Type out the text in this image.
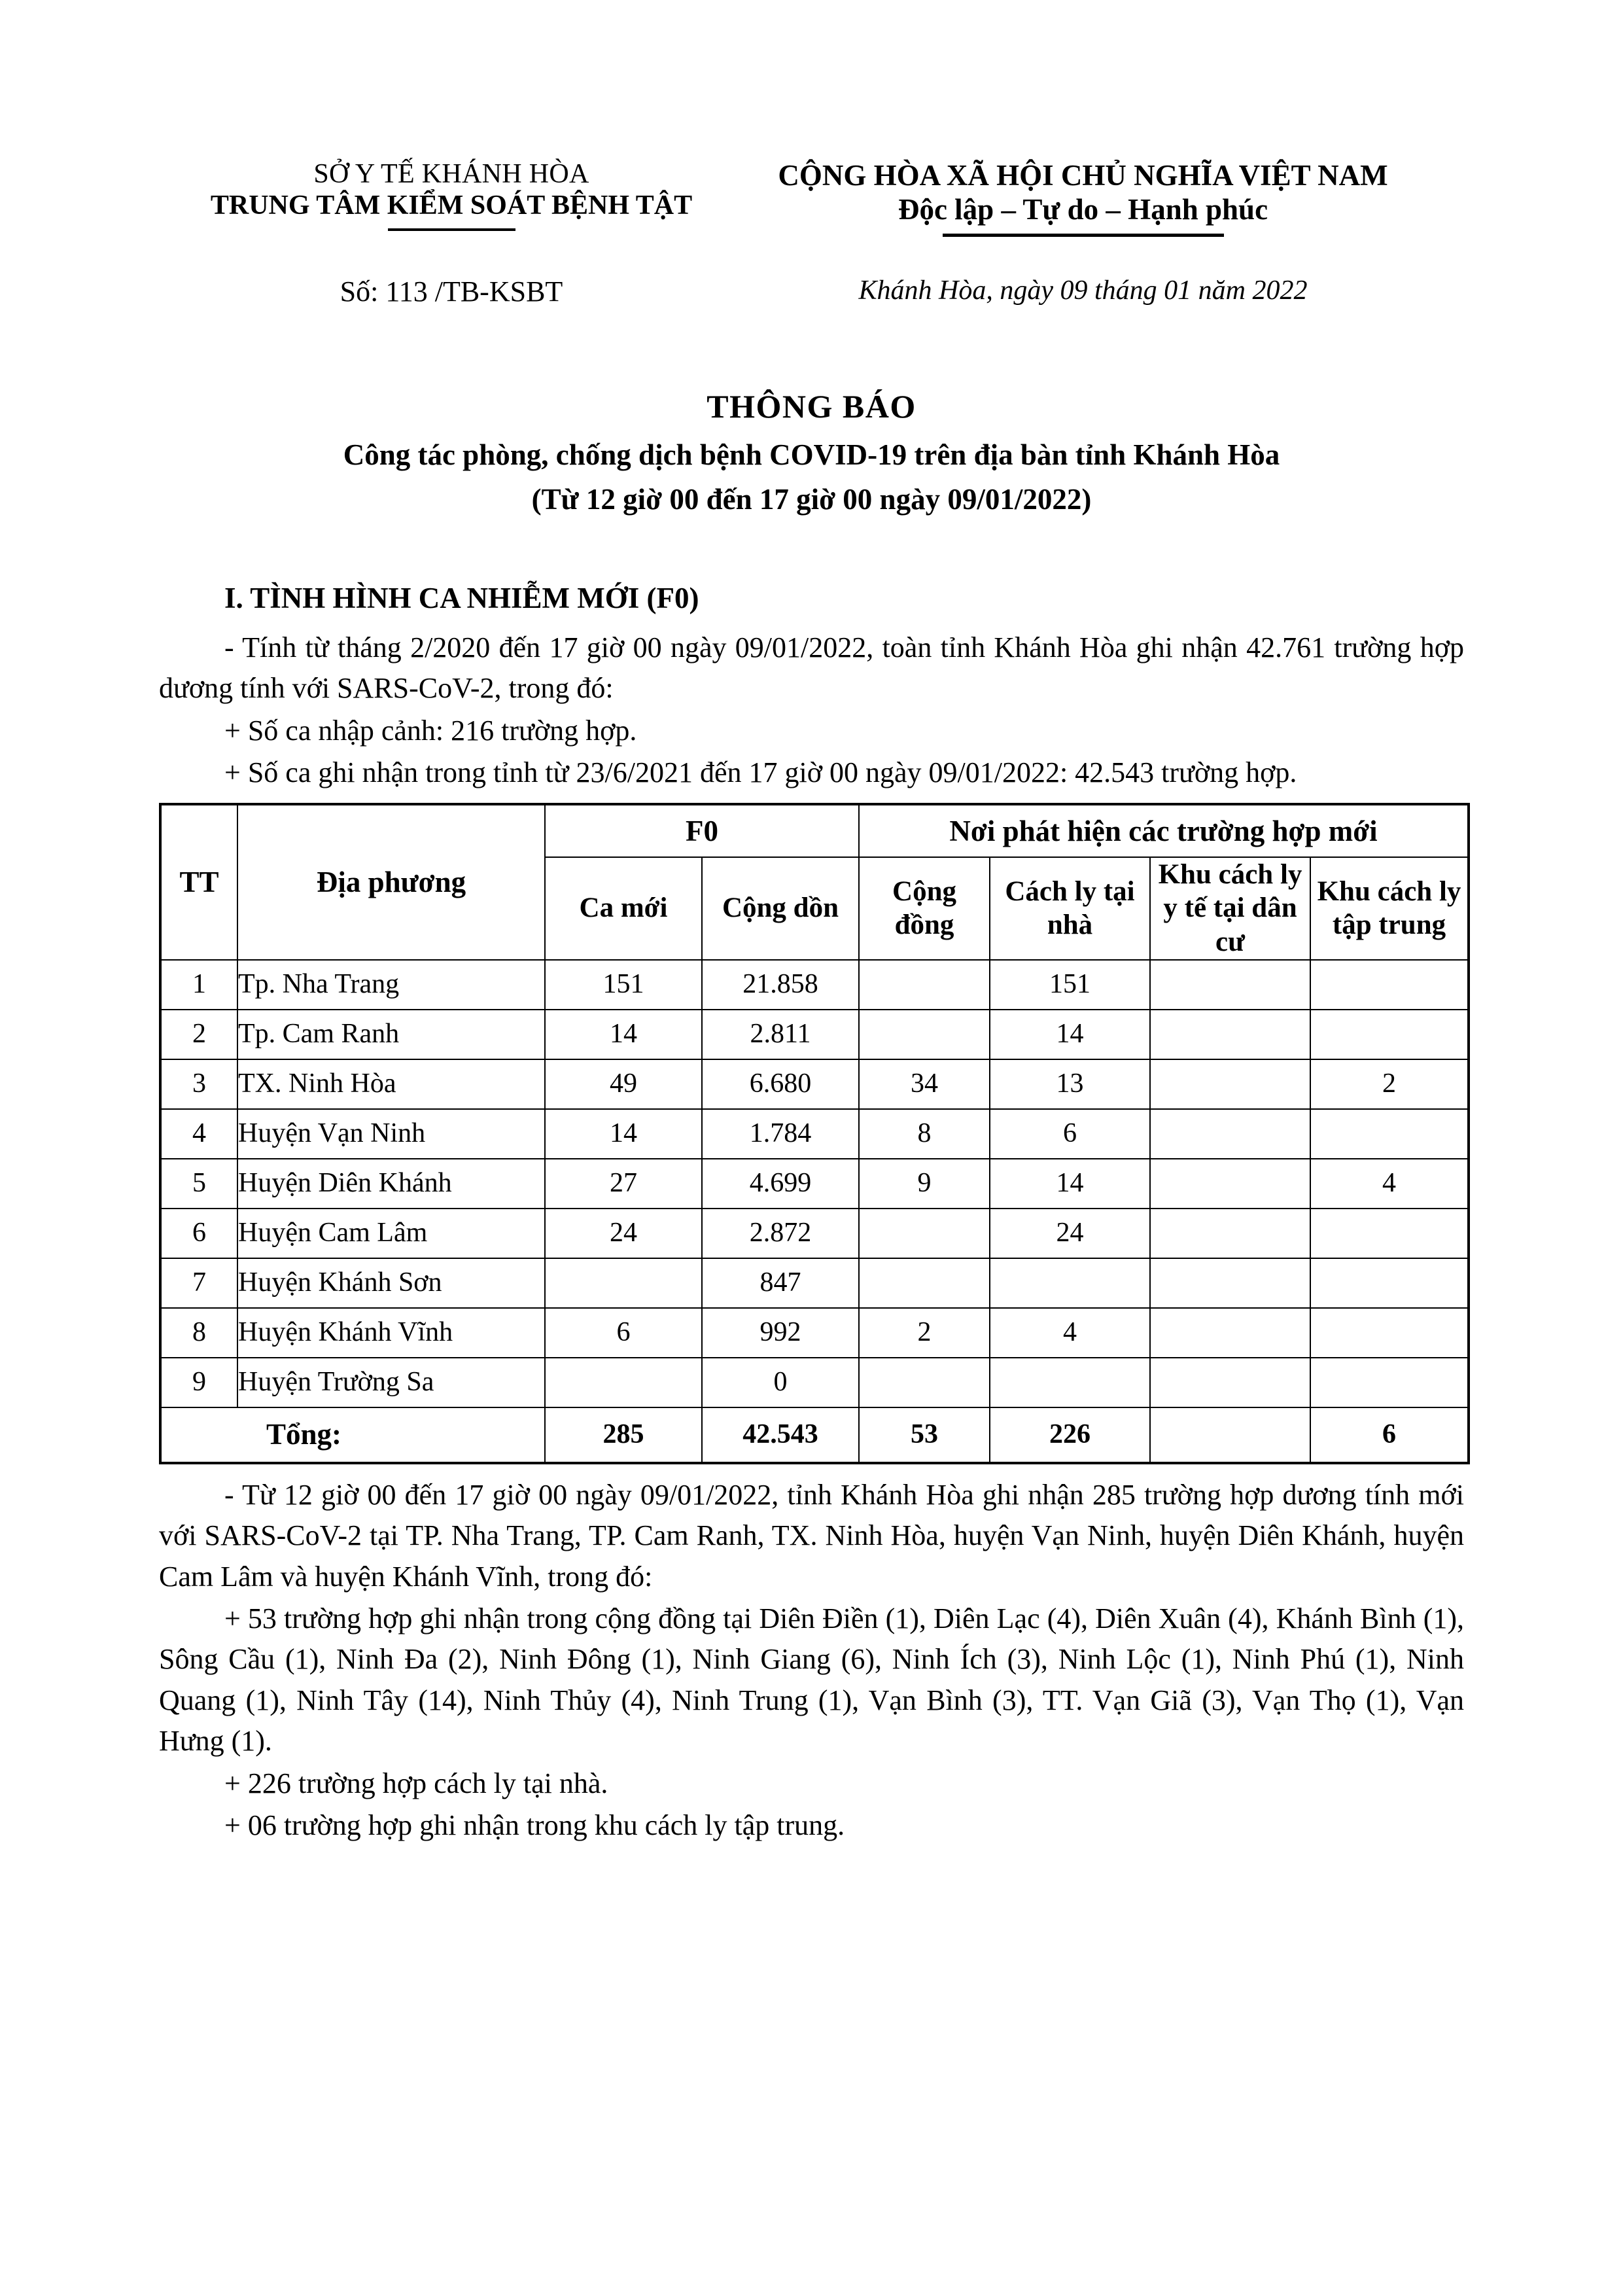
SỞ Y TẾ KHÁNH HÒA
TRUNG TÂM KIỂM SOÁT BỆNH TẬT
CỘNG HÒA XÃ HỘI CHỦ NGHĨA VIỆT NAM
Độc lập – Tự do – Hạnh phúc
Số: 113 /TB-KSBT	Khánh Hòa, ngày 09 tháng 01 năm 2022
THÔNG BÁO
Công tác phòng, chống dịch bệnh COVID-19 trên địa bàn tỉnh Khánh Hòa
(Từ 12 giờ 00 đến 17 giờ 00 ngày 09/01/2022)
I. TÌNH HÌNH CA NHIỄM MỚI (F0)

- Tính từ tháng 2/2020 đến 17 giờ 00 ngày 09/01/2022, toàn tỉnh Khánh Hòa ghi nhận 42.761 trường hợp dương tính với SARS-CoV-2, trong đó:

+ Số ca nhập cảnh: 216 trường hợp.

+ Số ca ghi nhận trong tỉnh từ 23/6/2021 đến 17 giờ 00 ngày 09/01/2022: 42.543 trường hợp.

TT	Địa phương	F0		Nơi phát hiện các trường hợp mới			
		Ca mới	Cộng dồn	Cộng đồng	Cách ly tại nhà	Khu cách ly y tế tại dân cư	Khu cách ly tập trung
1	Tp. Nha Trang	151	21.858		151		
2	Tp. Cam Ranh	14	2.811		14		
3	TX. Ninh Hòa	49	6.680	34	13		2
4	Huyện Vạn Ninh	14	1.784	8	6		
5	Huyện Diên Khánh	27	4.699	9	14		4
6	Huyện Cam Lâm	24	2.872		24		
7	Huyện Khánh Sơn		847				
8	Huyện Khánh Vĩnh	6	992	2	4		
9	Huyện Trường Sa		0				
Tổng:		285	42.543	53	226		6

- Từ 12 giờ 00 đến 17 giờ 00 ngày 09/01/2022, tỉnh Khánh Hòa ghi nhận 285 trường hợp dương tính mới với SARS-CoV-2 tại TP. Nha Trang, TP. Cam Ranh, TX. Ninh Hòa, huyện Vạn Ninh, huyện Diên Khánh, huyện Cam Lâm và huyện Khánh Vĩnh, trong đó:

+ 53 trường hợp ghi nhận trong cộng đồng tại Diên Điền (1), Diên Lạc (4), Diên Xuân (4), Khánh Bình (1), Sông Cầu (1), Ninh Đa (2), Ninh Đông (1), Ninh Giang (6), Ninh Ích (3), Ninh Lộc (1), Ninh Phú (1), Ninh Quang (1), Ninh Tây (14), Ninh Thủy (4), Ninh Trung (1), Vạn Bình (3), TT. Vạn Giã (3), Vạn Thọ (1), Vạn Hưng (1).

+ 226 trường hợp cách ly tại nhà.

+ 06 trường hợp ghi nhận trong khu cách ly tập trung.
